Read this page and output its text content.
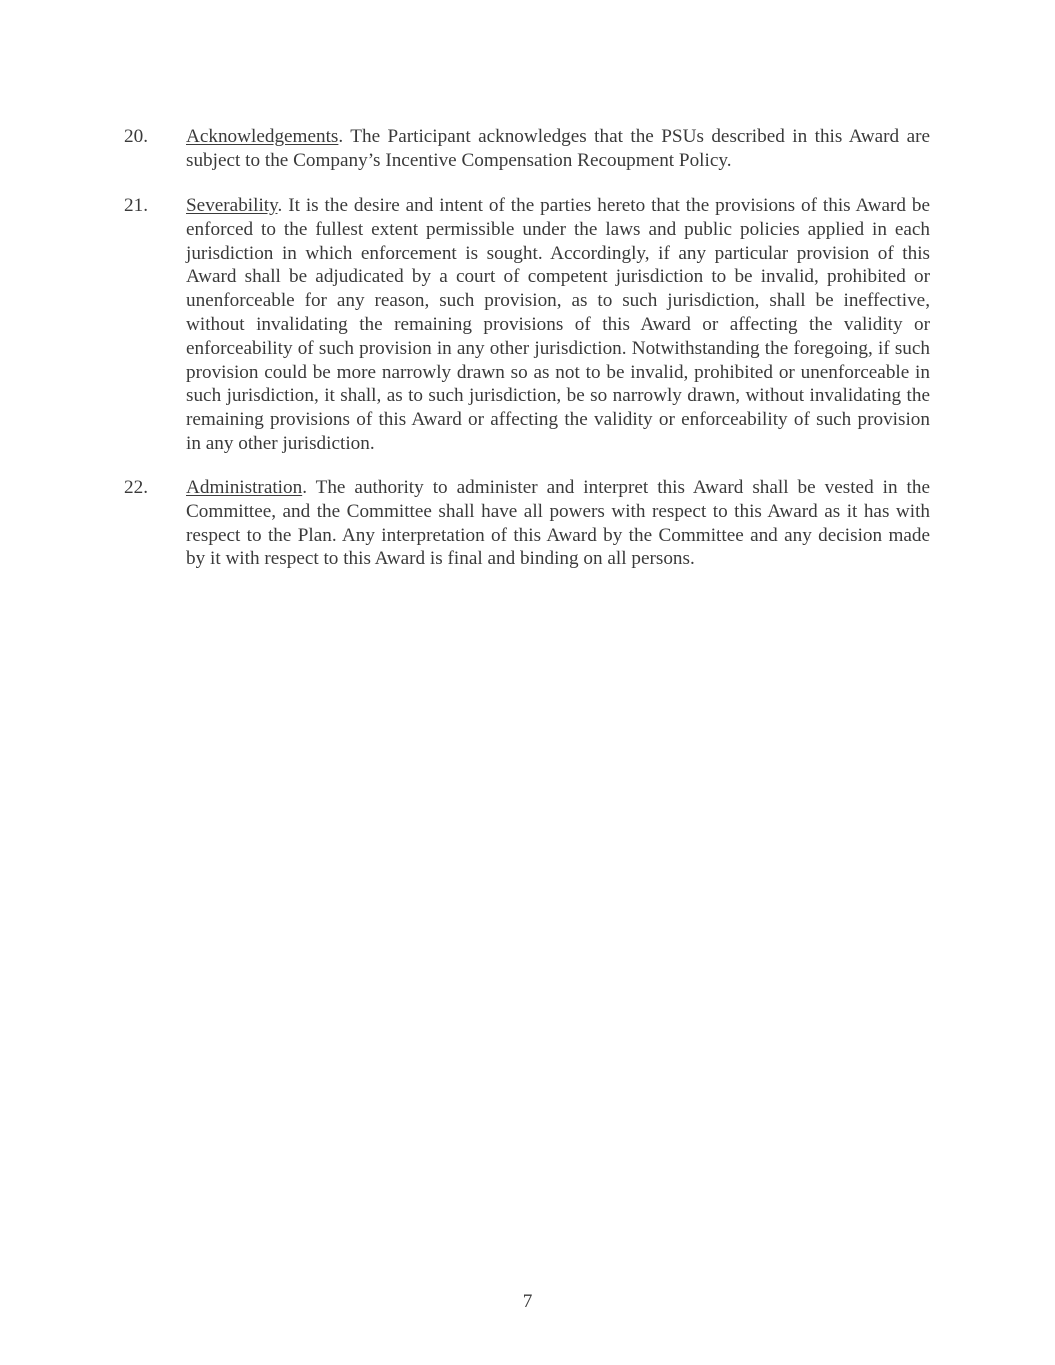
20.	Acknowledgements. The Participant acknowledges that the PSUs described in this Award are subject to the Company’s Incentive Compensation Recoupment Policy.
21.	Severability. It is the desire and intent of the parties hereto that the provisions of this Award be enforced to the fullest extent permissible under the laws and public policies applied in each jurisdiction in which enforcement is sought. Accordingly, if any particular provision of this Award shall be adjudicated by a court of competent jurisdiction to be invalid, prohibited or unenforceable for any reason, such provision, as to such jurisdiction, shall be ineffective, without invalidating the remaining provisions of this Award or affecting the validity or enforceability of such provision in any other jurisdiction. Notwithstanding the foregoing, if such provision could be more narrowly drawn so as not to be invalid, prohibited or unenforceable in such jurisdiction, it shall, as to such jurisdiction, be so narrowly drawn, without invalidating the remaining provisions of this Award or affecting the validity or enforceability of such provision in any other jurisdiction.
22.	Administration. The authority to administer and interpret this Award shall be vested in the Committee, and the Committee shall have all powers with respect to this Award as it has with respect to the Plan. Any interpretation of this Award by the Committee and any decision made by it with respect to this Award is final and binding on all persons.
7
